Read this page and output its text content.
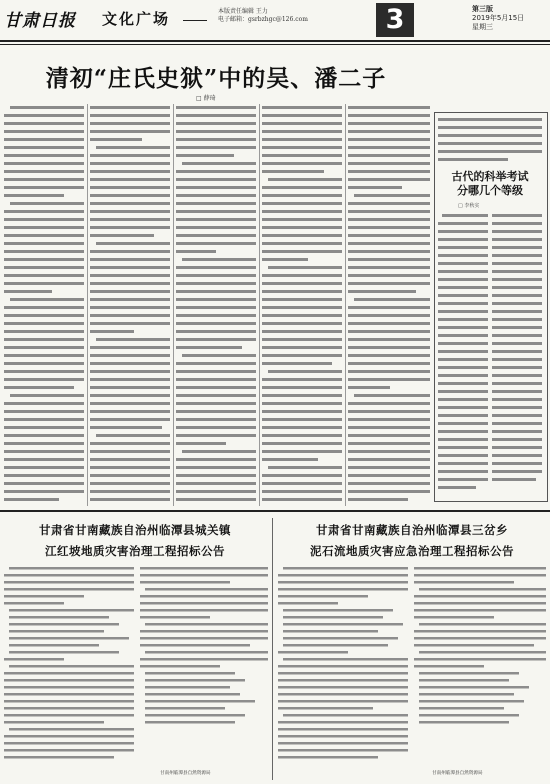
甘肃日报 文化广场	本版责任编辑 王力
电子邮箱：gsrbzhgc@126.com	3	第三版
2019年5月15日
星期三
清初“庄氏史狱”中的吴、潘二子
□ 薛琦
古代的科举考试
分哪几个等级
□ 李秋实
甘肃省甘南藏族自治州临潭县城关镇
江红坡地质灾害治理工程招标公告
甘肃省甘南藏族自治州临潭县三岔乡
泥石流地质灾害应急治理工程招标公告
甘南州临潭县自然资源局	甘南州临潭县自然资源局
